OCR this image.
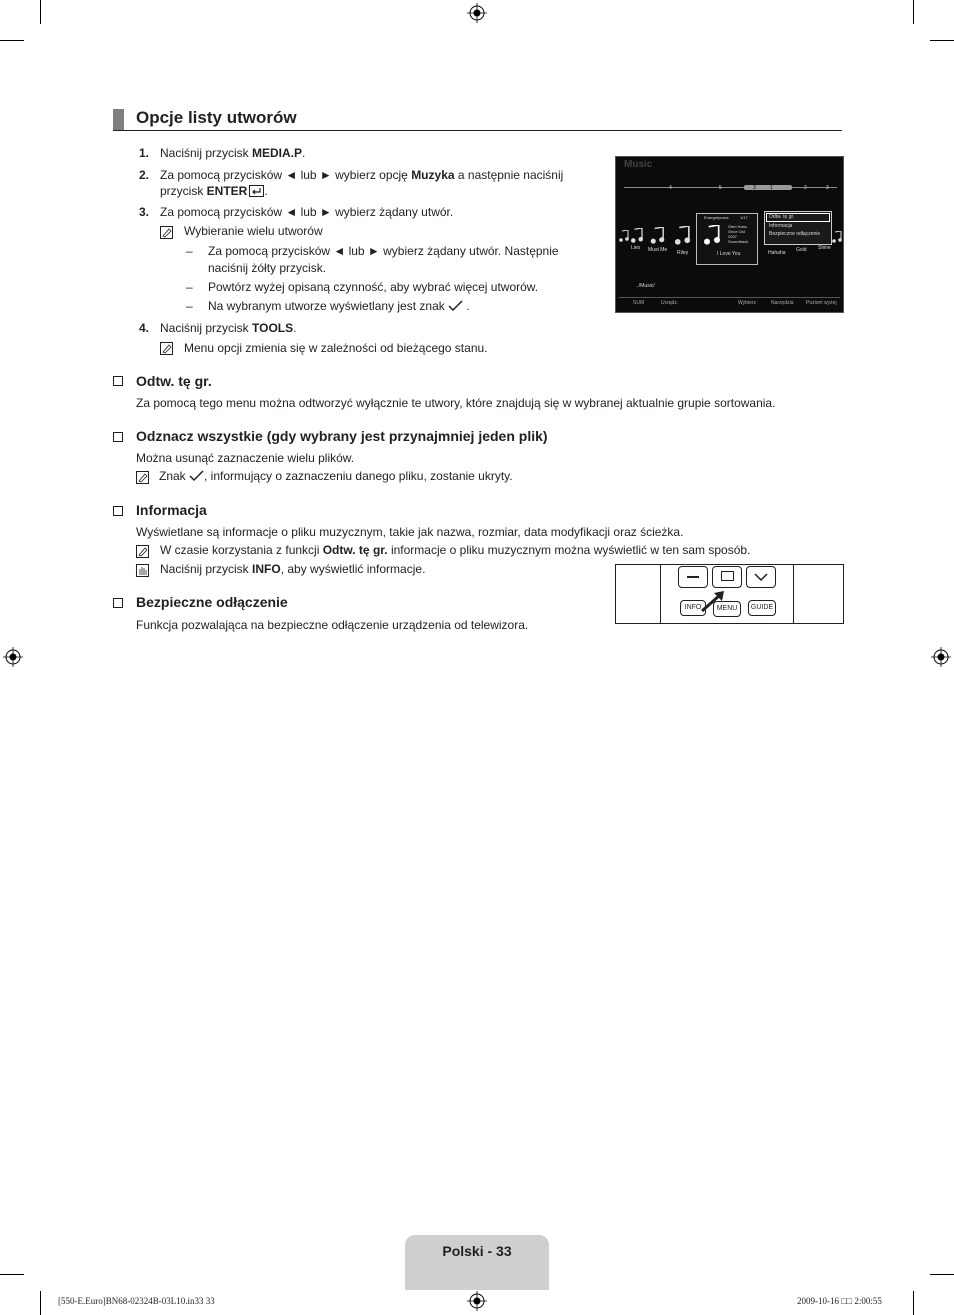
Opcje listy utworów
1. Naciśnij przycisk MEDIA.P.
2. Za pomocą przycisków ◄ lub ► wybierz opcję Muzyka a następnie naciśnij
przycisk ENTER .
3. Za pomocą przycisków ◄ lub ► wybierz żądany utwór.
Wybieranie wielu utworów
– Za pomocą przycisków ◄ lub ► wybierz żądany utwór. Następnie
naciśnij żółty przycisk.
– Powtórz wyżej opisaną czynność, aby wybrać więcej utworów.
– Na wybranym utworze wyświetlany jest znak  .
4. Naciśnij przycisk TOOLS.
Menu opcji zmienia się w zależności od bieżącego stanu.
Music
4	5	3	1	2	3
Lies Must Me Riley
Energetyczna	1/17
Glen Hans
Once Ost
2007
Soundtrack
I Love You	Hahaha Gold Shine
Odtw. tę gr.
Informacja
Bezpieczne odłączenie
../Music/
SUM	Urządz.	Wybierz	Narzędzia Poziom wyżej
Odtw. tę gr.
Za pomocą tego menu można odtworzyć wyłącznie te utwory, które znajdują się w wybranej aktualnie grupie sortowania.
Odznacz wszystkie (gdy wybrany jest przynajmniej jeden plik)
Można usunąć zaznaczenie wielu plików.
Znak , informujący o zaznaczeniu danego pliku, zostanie ukryty.
Informacja
Wyświetlane są informacje o pliku muzycznym, takie jak nazwa, rozmiar, data modyfikacji oraz ścieżka.
W czasie korzystania z funkcji Odtw. tę gr. informacje o pliku muzycznym można wyświetlić w ten sam sposób.
Naciśnij przycisk INFO, aby wyświetlić informacje.
INFO	MENU	GUIDE
Bezpieczne odłączenie
Funkcja pozwalająca na bezpieczne odłączenie urządzenia od telewizora.
Polski - 33
[550-E.Euro]BN68-02324B-03L10.in33 33	2009-10-16 □□ 2:00:55
